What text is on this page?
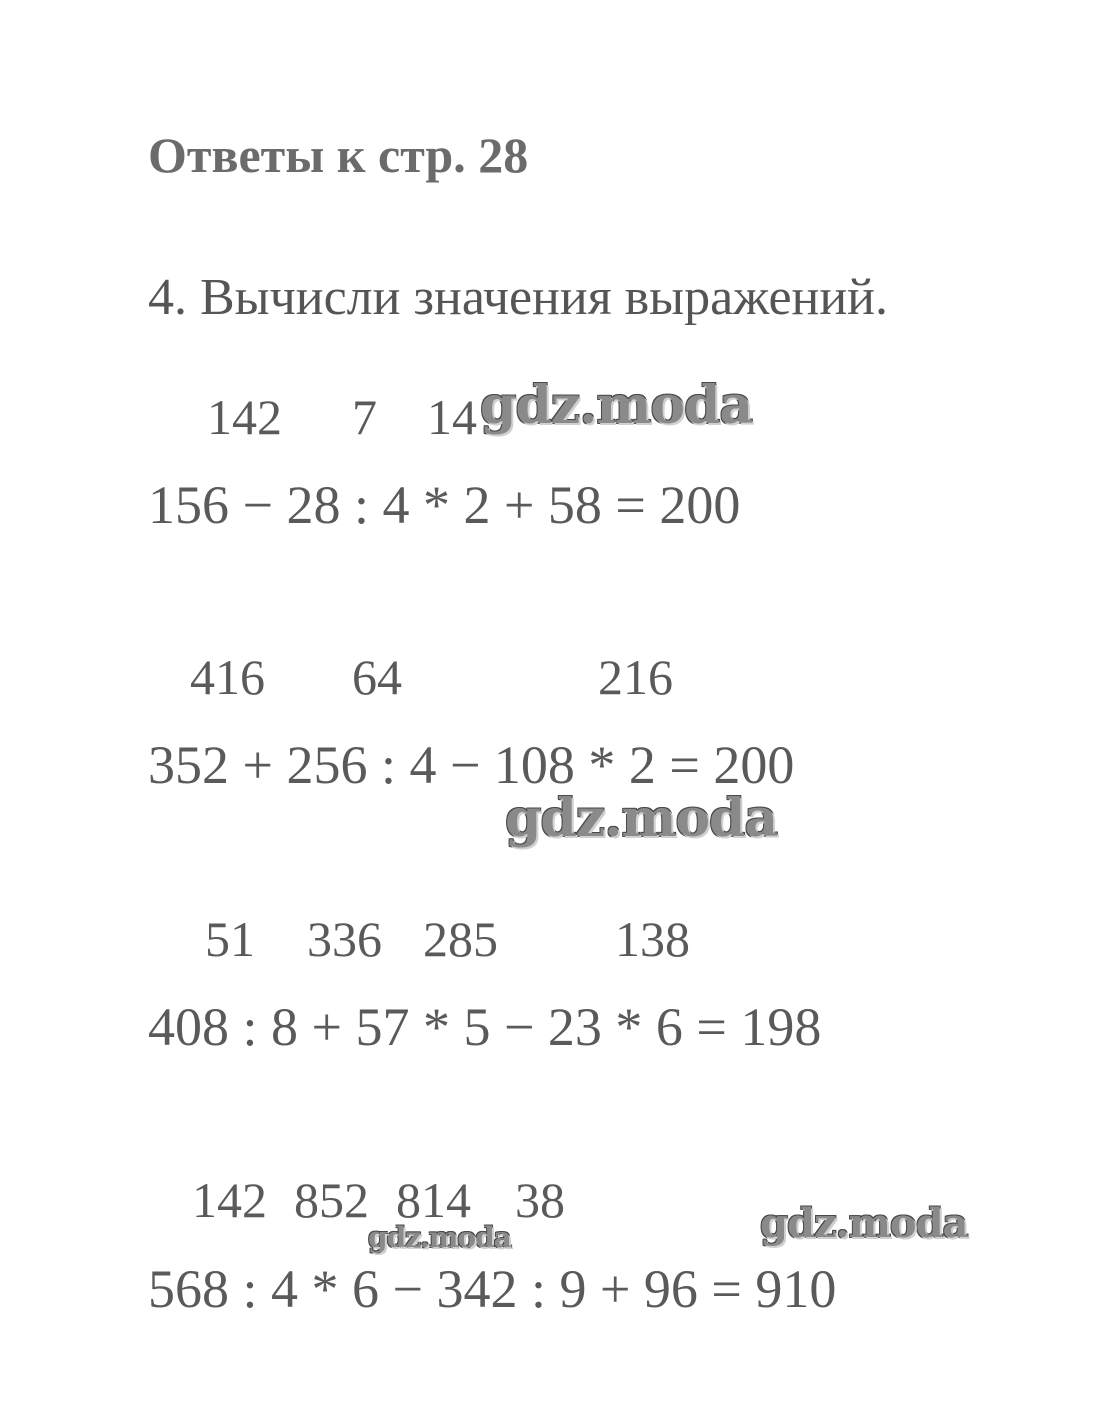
Ответы к стр. 28
4. Вычисли значения выражений.
142 7 14
156 − 28 : 4 * 2 + 58 = 200
416 64	216
352 + 256 : 4 − 108 * 2 = 200
51 336 285 138
408 : 8 + 57 * 5 − 23 * 6 = 198
142 852 814 38
568 : 4 * 6 − 342 : 9 + 96 = 910
gdz.moda
gdz.moda
gdz.moda
gdz.moda
